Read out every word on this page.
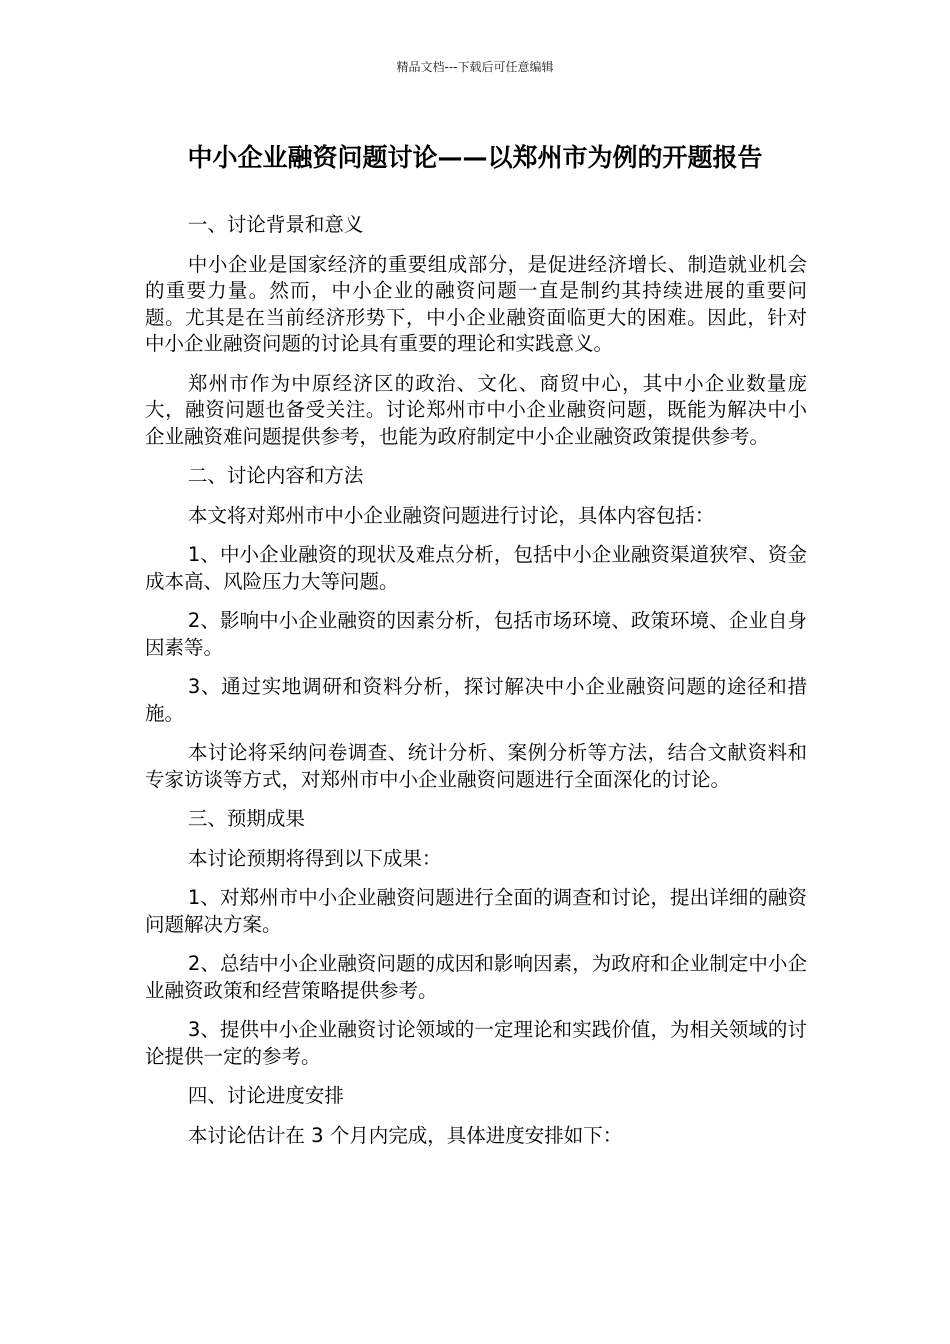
精品文档---下载后可任意编辑
中小企业融资问题讨论——以郑州市为例的开题报告

一、讨论背景和意义

中小企业是国家经济的重要组成部分，是促进经济增长、制造就业机会的重要力量。然而，中小企业的融资问题一直是制约其持续进展的重要问题。尤其是在当前经济形势下，中小企业融资面临更大的困难。因此，针对中小企业融资问题的讨论具有重要的理论和实践意义。

郑州市作为中原经济区的政治、文化、商贸中心，其中小企业数量庞大，融资问题也备受关注。讨论郑州市中小企业融资问题，既能为解决中小企业融资难问题提供参考，也能为政府制定中小企业融资政策提供参考。

二、讨论内容和方法

本文将对郑州市中小企业融资问题进行讨论，具体内容包括：

1、中小企业融资的现状及难点分析，包括中小企业融资渠道狭窄、资金成本高、风险压力大等问题。

2、影响中小企业融资的因素分析，包括市场环境、政策环境、企业自身因素等。

3、通过实地调研和资料分析，探讨解决中小企业融资问题的途径和措施。

本讨论将采纳问卷调查、统计分析、案例分析等方法，结合文献资料和专家访谈等方式，对郑州市中小企业融资问题进行全面深化的讨论。

三、预期成果

本讨论预期将得到以下成果：

1、对郑州市中小企业融资问题进行全面的调查和讨论，提出详细的融资问题解决方案。

2、总结中小企业融资问题的成因和影响因素，为政府和企业制定中小企业融资政策和经营策略提供参考。

3、提供中小企业融资讨论领域的一定理论和实践价值，为相关领域的讨论提供一定的参考。

四、讨论进度安排

本讨论估计在 3 个月内完成，具体进度安排如下：
